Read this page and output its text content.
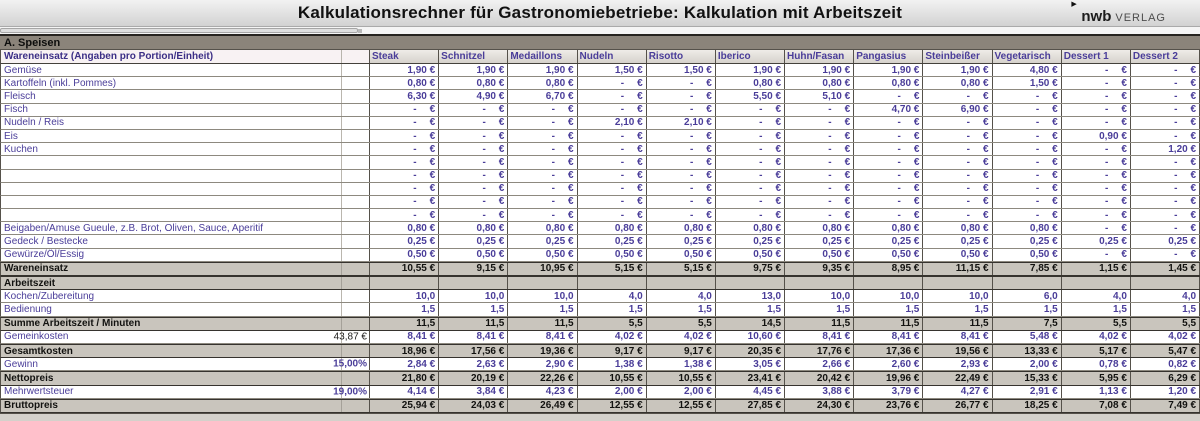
Kalkulationsrechner für Gastronomiebetriebe: Kalkulation mit Arbeitszeit	▶
nwb VERLAG
A. Speisen
Wareneinsatz (Angaben pro Portion/Einheit)	Steak	Schnitzel	Medaillons	Nudeln	Risotto	Iberico	Huhn/Fasan	Pangasius	Steinbeißer	Vegetarisch	Dessert 1	Dessert 2
Gemüse	1,90 €	1,90 €	1,90 €	1,50 €	1,50 €	1,90 €	1,90 €	1,90 €	1,90 €	4,80 €	- €	- €
Kartoffeln (inkl. Pommes)	0,80 €	0,80 €	0,80 €	- €	- €	0,80 €	0,80 €	0,80 €	0,80 €	1,50 €	- €	- €
Fleisch	6,30 €	4,90 €	6,70 €	- €	- €	5,50 €	5,10 €	- €	- €	- €	- €	- €
Fisch	- €	- €	- €	- €	- €	- €	- €	4,70 €	6,90 €	- €	- €	- €
Nudeln / Reis	- €	- €	- €	2,10 €	2,10 €	- €	- €	- €	- €	- €	- €	- €
Eis	- €	- €	- €	- €	- €	- €	- €	- €	- €	- €	0,90 €	- €
Kuchen	- €	- €	- €	- €	- €	- €	- €	- €	- €	- €	- €	1,20 €
- €	- €	- €	- €	- €	- €	- €	- €	- €	- €	- €	- €
- €	- €	- €	- €	- €	- €	- €	- €	- €	- €	- €	- €
- €	- €	- €	- €	- €	- €	- €	- €	- €	- €	- €	- €
- €	- €	- €	- €	- €	- €	- €	- €	- €	- €	- €	- €
- €	- €	- €	- €	- €	- €	- €	- €	- €	- €	- €	- €
Beigaben/Amuse Gueule, z.B. Brot, Oliven, Sauce, Aperitif	0,80 €	0,80 €	0,80 €	0,80 €	0,80 €	0,80 €	0,80 €	0,80 €	0,80 €	0,80 €	- €	- €
Gedeck / Bestecke	0,25 €	0,25 €	0,25 €	0,25 €	0,25 €	0,25 €	0,25 €	0,25 €	0,25 €	0,25 €	0,25 €	0,25 €
Gewürze/Öl/Essig	0,50 €	0,50 €	0,50 €	0,50 €	0,50 €	0,50 €	0,50 €	0,50 €	0,50 €	0,50 €	- €	- €
Wareneinsatz	10,55 €	9,15 €	10,95 €	5,15 €	5,15 €	9,75 €	9,35 €	8,95 €	11,15 €	7,85 €	1,15 €	1,45 €
Arbeitszeit
Kochen/Zubereitung	10,0	10,0	10,0	4,0	4,0	13,0	10,0	10,0	10,0	6,0	4,0	4,0
Bedienung	1,5	1,5	1,5	1,5	1,5	1,5	1,5	1,5	1,5	1,5	1,5	1,5
Summe Arbeitszeit / Minuten	11,5	11,5	11,5	5,5	5,5	14,5	11,5	11,5	11,5	7,5	5,5	5,5
Gemeinkosten	43,87 €	8,41 €	8,41 €	8,41 €	4,02 €	4,02 €	10,60 €	8,41 €	8,41 €	8,41 €	5,48 €	4,02 €	4,02 €
Gesamtkosten	18,96 €	17,56 €	19,36 €	9,17 €	9,17 €	20,35 €	17,76 €	17,36 €	19,56 €	13,33 €	5,17 €	5,47 €
Gewinn	15,00%	2,84 €	2,63 €	2,90 €	1,38 €	1,38 €	3,05 €	2,66 €	2,60 €	2,93 €	2,00 €	0,78 €	0,82 €
Nettopreis	21,80 €	20,19 €	22,26 €	10,55 €	10,55 €	23,41 €	20,42 €	19,96 €	22,49 €	15,33 €	5,95 €	6,29 €
Mehrwertsteuer	19,00%	4,14 €	3,84 €	4,23 €	2,00 €	2,00 €	4,45 €	3,88 €	3,79 €	4,27 €	2,91 €	1,13 €	1,20 €
Bruttopreis	25,94 €	24,03 €	26,49 €	12,55 €	12,55 €	27,85 €	24,30 €	23,76 €	26,77 €	18,25 €	7,08 €	7,49 €
